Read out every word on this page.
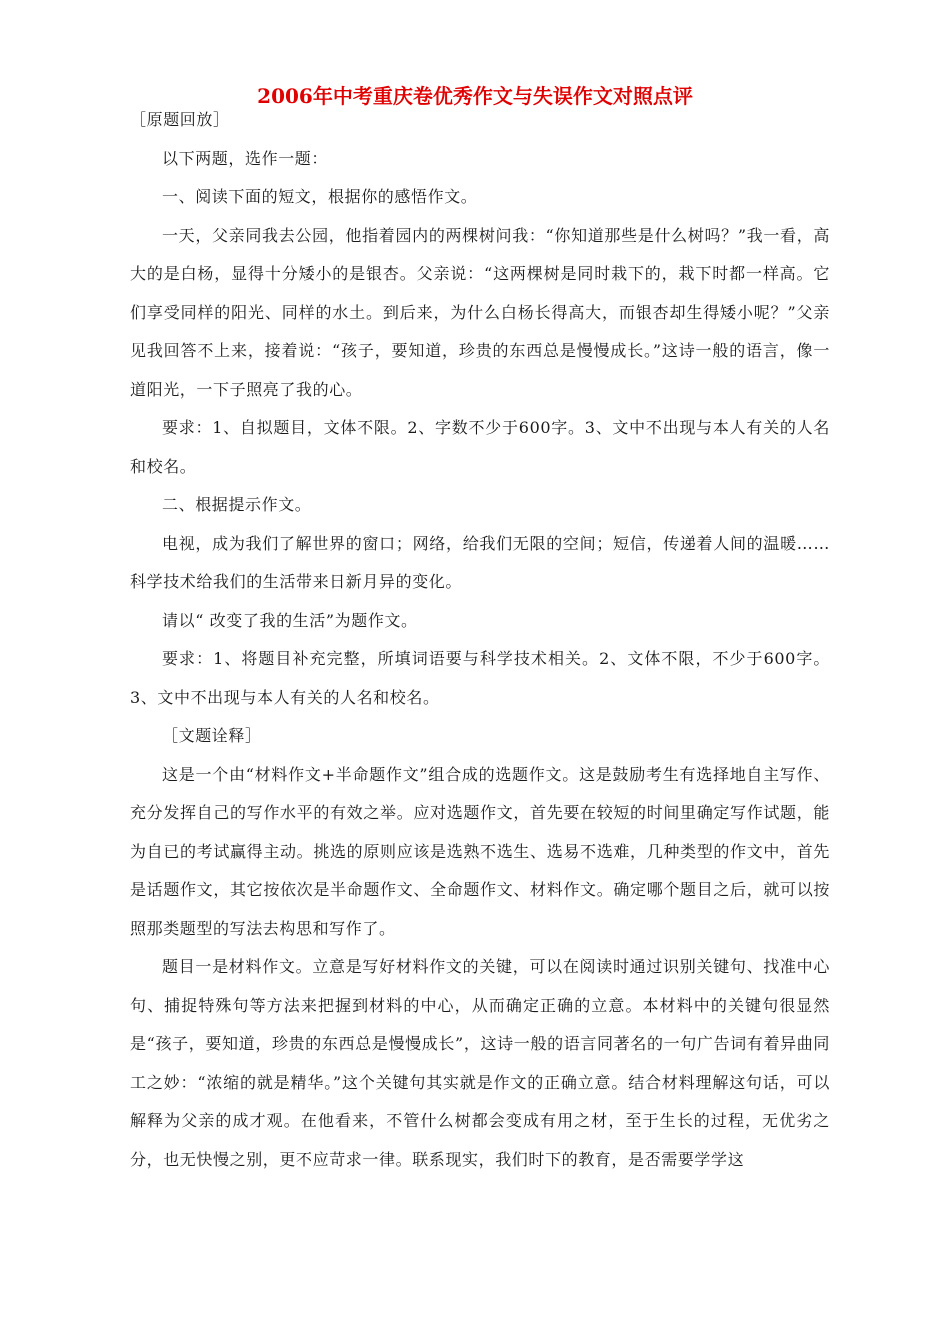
2006年中考重庆卷优秀作文与失误作文对照点评

［原题回放］

以下两题，选作一题：

一、阅读下面的短文，根据你的感悟作文。

一天，父亲同我去公园，他指着园内的两棵树问我：“你知道那些是什么树吗？”我一看，高大的是白杨，显得十分矮小的是银杏。父亲说：“这两棵树是同时栽下的，栽下时都一样高。它们享受同样的阳光、同样的水土。到后来，为什么白杨长得高大，而银杏却生得矮小呢？”父亲见我回答不上来，接着说：“孩子，要知道，珍贵的东西总是慢慢成长。”这诗一般的语言，像一道阳光，一下子照亮了我的心。

要求：1、自拟题目，文体不限。2、字数不少于600字。3、文中不出现与本人有关的人名和校名。

二、根据提示作文。

电视，成为我们了解世界的窗口；网络，给我们无限的空间；短信，传递着人间的温暖……科学技术给我们的生活带来日新月异的变化。

请以“ 改变了我的生活”为题作文。

要求：1、将题目补充完整，所填词语要与科学技术相关。2、文体不限，不少于600字。3、文中不出现与本人有关的人名和校名。

［文题诠释］

这是一个由“材料作文+半命题作文”组合成的选题作文。这是鼓励考生有选择地自主写作、充分发挥自己的写作水平的有效之举。应对选题作文，首先要在较短的时间里确定写作试题，能为自已的考试赢得主动。挑选的原则应该是选熟不选生、选易不选难，几种类型的作文中，首先是话题作文，其它按依次是半命题作文、全命题作文、材料作文。确定哪个题目之后，就可以按照那类题型的写法去构思和写作了。

题目一是材料作文。立意是写好材料作文的关键，可以在阅读时通过识别关键句、找准中心句、捕捉特殊句等方法来把握到材料的中心，从而确定正确的立意。本材料中的关键句很显然是“孩子，要知道，珍贵的东西总是慢慢成长”，这诗一般的语言同著名的一句广告词有着异曲同工之妙：“浓缩的就是精华。”这个关键句其实就是作文的正确立意。结合材料理解这句话，可以解释为父亲的成才观。在他看来，不管什么树都会变成有用之材，至于生长的过程，无优劣之分，也无快慢之别，更不应苛求一律。联系现实，我们时下的教育，是否需要学学这
